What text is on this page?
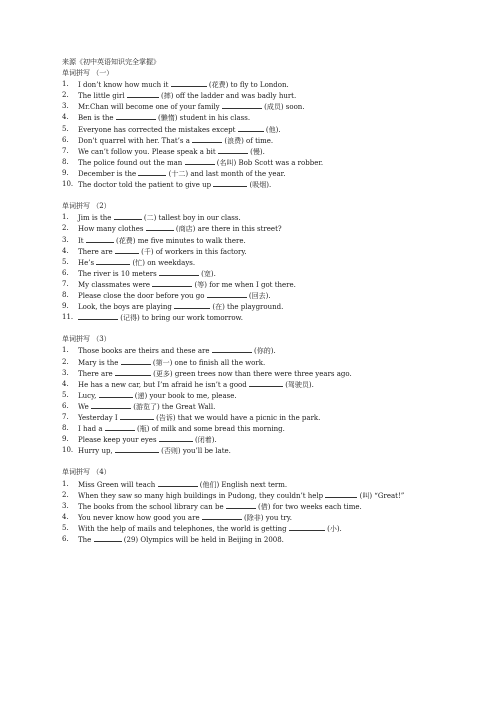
来源《初中英语知识完全掌握》
单词拼写 （一）
1.	I don’t know how much it	(花费) to fly to London.
2.	The little girl	(摔) off the ladder and was badly hurt.
3.	Mr.Chan will become one of your family	(成员) soon.
4.	Ben is the	(懒惰) student in his class.
5.	Everyone has corrected the mistakes except	(他).
6.	Don’t quarrel with her. That’s a	(浪费) of time.
7.	We can’t follow you. Please speak a bit	(慢).
8.	The police found out the man	(名叫) Bob Scott was a robber.
9.	December is the	(十二) and last month of the year.
10. The doctor told the patient to give up	(吸烟).
单词拼写 （2）
1.	Jim is the	(二) tallest boy in our class.
2.	How many clothes	(商店) are there in this street?
3.	It	(花费) me five minutes to walk there.
4.	There are	(千) of workers in this factory.
5.	He’s	(忙) on weekdays.
6.	The river is 10 meters	(宽).
7.	My classmates were	(等) for me when I got there.
8.	Please close the door before you go	(回去).
9.	Look, the boys are playing	(在) the playground.
11.	(记得) to bring our work tomorrow.
单词拼写 （3）
1.	Those books are theirs and these are	(你的).
2.	Mary is the	(第一) one to finish all the work.
3.	There are	(更多) green trees now than there were three years ago.
4.	He has a new car, but I’m afraid he isn’t a good	(驾驶员).
5.	Lucy,	(递) your book to me, please.
6.	We	(游览了) the Great Wall.
7.	Yesterday I	(告诉) that we would have a picnic in the park.
8.	I had a	(瓶) of milk and some bread this morning.
9.	Please keep your eyes	(闭着).
10. Hurry up,	(否则) you’ll be late.
单词拼写 （4）
1.	Miss Green will teach	(他们) English next term.
2.	When they saw so many high buildings in Pudong, they couldn’t help	(叫) “Great!”
3.	The books from the school library can be	(借) for two weeks each time.
4.	You never know how good you are	(除非) you try.
5.	With the help of mails and telephones, the world is getting	(小).
6.	The	(29) Olympics will be held in Beijing in 2008.
